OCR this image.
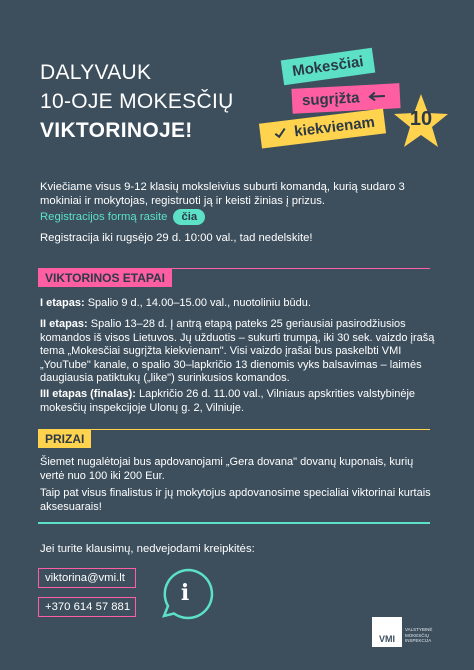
DALYVAUK
10-OJE MOKESČIŲ
VIKTORINOJE!
Mokesčiai
sugrįžta
kiekvienam	10
Kviečiame visus 9-12 klasių moksleivius suburti komandą, kurią sudaro 3 mokiniai ir mokytojas, registruoti ją ir keisti žinias į prizus.
Registracijos formą rasite	čia
Registracija iki rugsėjo 29 d. 10:00 val., tad nedelskite!
VIKTORINOS ETAPAI
I etapas: Spalio 9 d., 14.00–15.00 val., nuotoliniu būdu.
II etapas: Spalio 13–28 d. Į antrą etapą pateks 25 geriausiai pasirodžiusios komandos iš visos Lietuvos. Jų užduotis – sukurti trumpą, iki 30 sek. vaizdo įrašą tema „Mokesčiai sugrįžta kiekvienam". Visi vaizdo įrašai bus paskelbti VMI „YouTube" kanale, o spalio 30–lapkričio 13 dienomis vyks balsavimas – laimės daugiausia patiktukų („like") surinkusios komandos.
III etapas (finalas): Lapkričio 26 d. 11.00 val., Vilniaus apskrities valstybinėje mokesčių inspekcijoje Ulonų g. 2, Vilniuje.
PRIZAI
Šiemet nugalėtojai bus apdovanojami „Gera dovana" dovanų kuponais, kurių vertė nuo 100 iki 200 Eur.
Taip pat visus finalistus ir jų mokytojus apdovanosime specialiai viktorinai kurtais aksesuarais!
Jei turite klausimų, nedvejodami kreipkitės:
viktorina@vmi.lt
+370 614 57 881
i
VMI
VALSTYBINĖ MOKESČIŲ INSPEKCIJA
